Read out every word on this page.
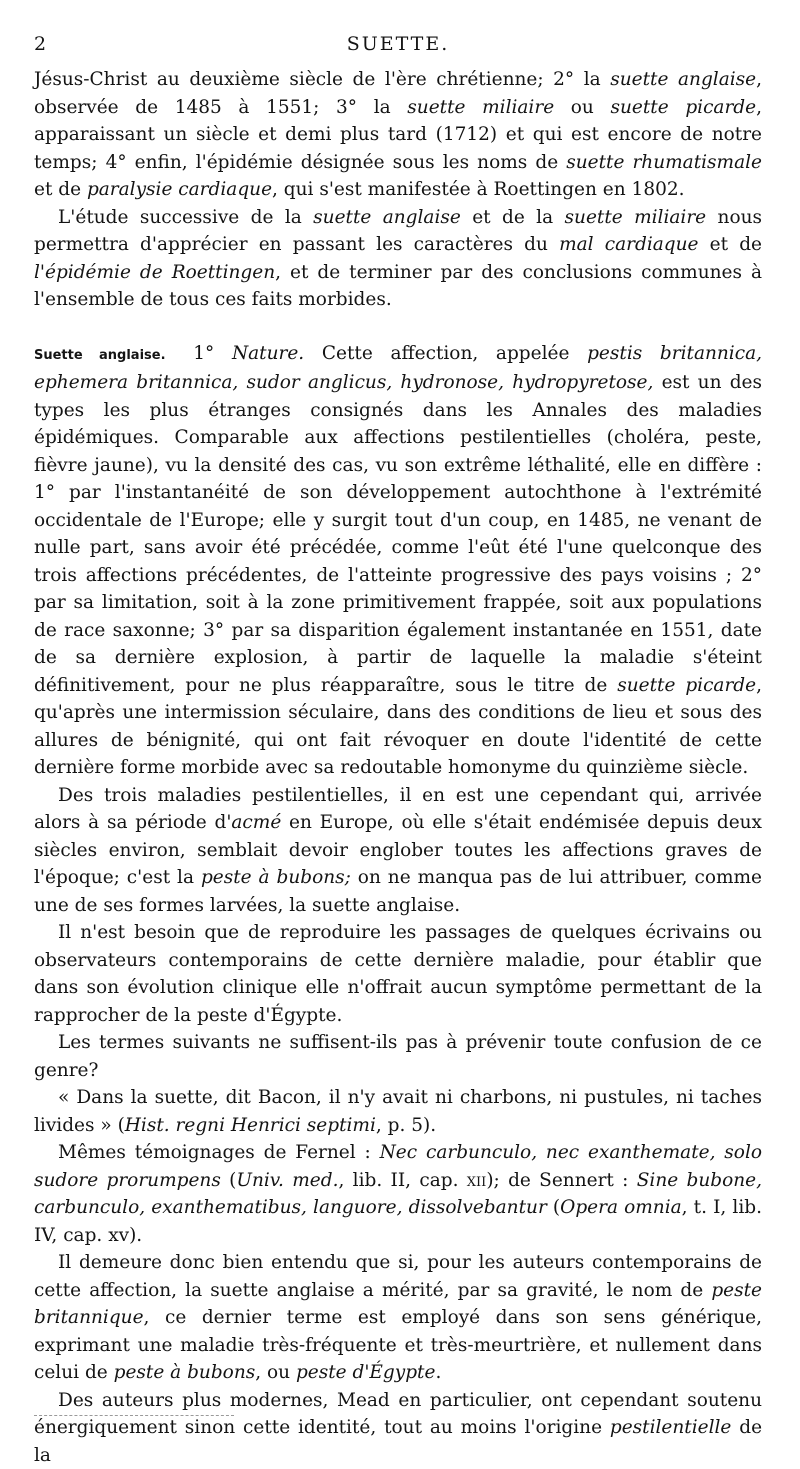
2	SUETTE.

Jésus-Christ au deuxième siècle de l'ère chrétienne; 2° la suette anglaise, observée de 1485 à 1551; 3° la suette miliaire ou suette picarde, apparaissant un siècle et demi plus tard (1712) et qui est encore de notre temps; 4° enfin, l'épidémie désignée sous les noms de suette rhumatismale et de paralysie cardiaque, qui s'est manifestée à Roettingen en 1802.

L'étude successive de la suette anglaise et de la suette miliaire nous permettra d'apprécier en passant les caractères du mal cardiaque et de l'épidémie de Roettingen, et de terminer par des conclusions communes à l'ensemble de tous ces faits morbides.

Suette anglaise. 1° Nature. Cette affection, appelée pestis britannica, ephemera britannica, sudor anglicus, hydronose, hydropyretose, est un des types les plus étranges consignés dans les Annales des maladies épidémiques. Comparable aux affections pestilentielles (choléra, peste, fièvre jaune), vu la densité des cas, vu son extrême léthalité, elle en diffère : 1° par l'instantanéité de son développement autochthone à l'extrémité occidentale de l'Europe; elle y surgit tout d'un coup, en 1485, ne venant de nulle part, sans avoir été précédée, comme l'eût été l'une quelconque des trois affections précédentes, de l'atteinte progressive des pays voisins ; 2° par sa limitation, soit à la zone primitivement frappée, soit aux populations de race saxonne; 3° par sa disparition également instantanée en 1551, date de sa dernière explosion, à partir de laquelle la maladie s'éteint définitivement, pour ne plus réapparaître, sous le titre de suette picarde, qu'après une intermission séculaire, dans des conditions de lieu et sous des allures de bénignité, qui ont fait révoquer en doute l'identité de cette dernière forme morbide avec sa redoutable homonyme du quinzième siècle.

Des trois maladies pestilentielles, il en est une cependant qui, arrivée alors à sa période d'acmé en Europe, où elle s'était endémisée depuis deux siècles environ, semblait devoir englober toutes les affections graves de l'époque; c'est la peste à bubons; on ne manqua pas de lui attribuer, comme une de ses formes larvées, la suette anglaise.

Il n'est besoin que de reproduire les passages de quelques écrivains ou observateurs contemporains de cette dernière maladie, pour établir que dans son évolution clinique elle n'offrait aucun symptôme permettant de la rapprocher de la peste d'Égypte.

Les termes suivants ne suffisent-ils pas à prévenir toute confusion de ce genre?

« Dans la suette, dit Bacon, il n'y avait ni charbons, ni pustules, ni taches livides » (Hist. regni Henrici septimi, p. 5).

Mêmes témoignages de Fernel : Nec carbunculo, nec exanthemate, solo sudore prorumpens (Univ. med., lib. II, cap. xii); de Sennert : Sine bubone, carbunculo, exanthematibus, languore, dissolvebantur (Opera omnia, t. I, lib. IV, cap. xv).

Il demeure donc bien entendu que si, pour les auteurs contemporains de cette affection, la suette anglaise a mérité, par sa gravité, le nom de peste britannique, ce dernier terme est employé dans son sens générique, exprimant une maladie très-fréquente et très-meurtrière, et nullement dans celui de peste à bubons, ou peste d'Égypte.

Des auteurs plus modernes, Mead en particulier, ont cependant soutenu énergiquement sinon cette identité, tout au moins l'origine pestilentielle de la
